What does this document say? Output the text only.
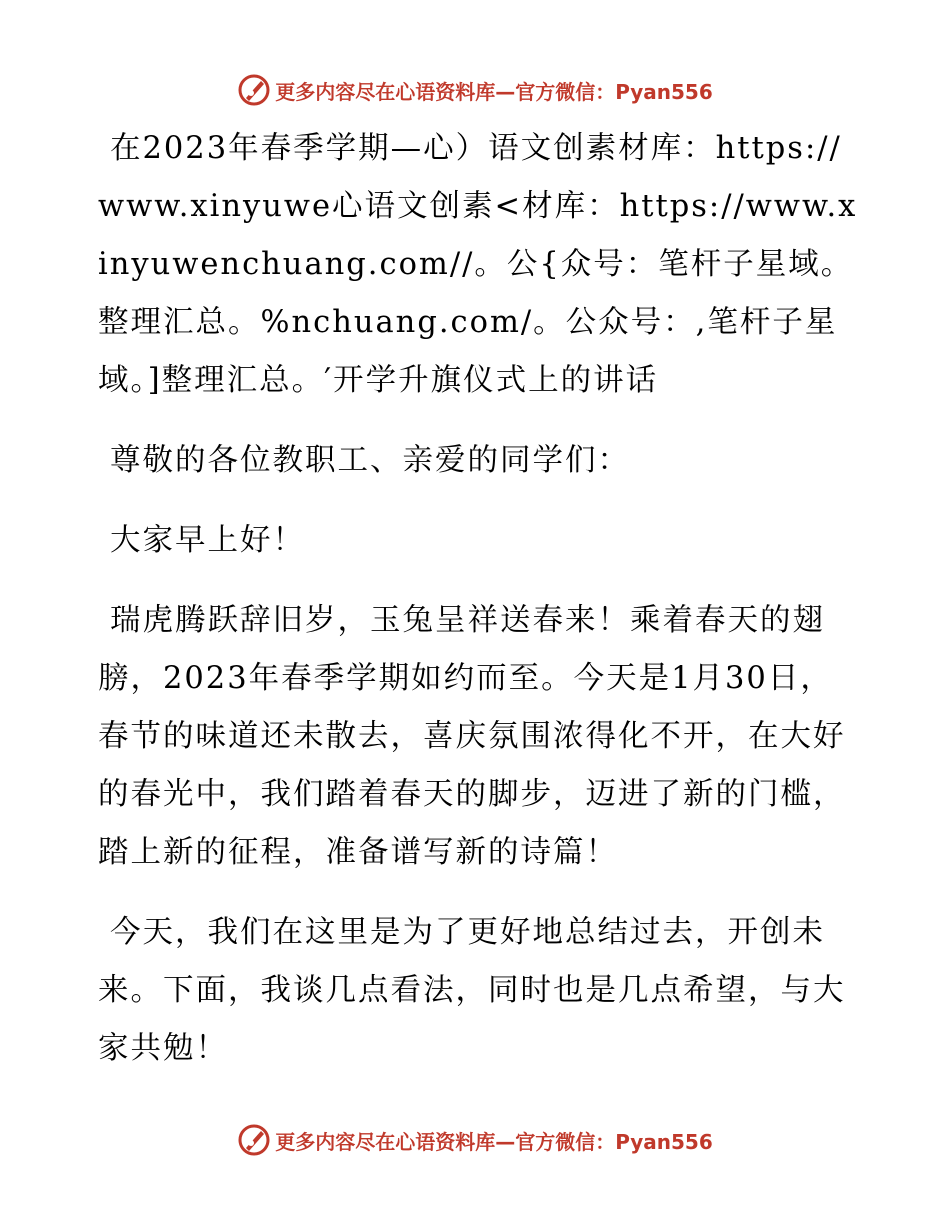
更多内容尽在心语资料库—官方微信：Pyan556

在2023年春季学期—心）语文创素材库：https://www.xinyuwe心语文创素<材库：https://www.xinyuwenchuang.com//。公{众号：笔杆子星域。整理汇总。%nchuang.com/。公众号：,笔杆子星域。]整理汇总。′开学升旗仪式上的讲话

尊敬的各位教职工、亲爱的同学们：

大家早上好！

瑞虎腾跃辞旧岁，玉兔呈祥送春来！乘着春天的翅膀，2023年春季学期如约而至。今天是1月30日，春节的味道还未散去，喜庆氛围浓得化不开，在大好的春光中，我们踏着春天的脚步，迈进了新的门槛，踏上新的征程，准备谱写新的诗篇！

今天，我们在这里是为了更好地总结过去，开创未来。下面，我谈几点看法，同时也是几点希望，与大家共勉！

更多内容尽在心语资料库—官方微信：Pyan556
